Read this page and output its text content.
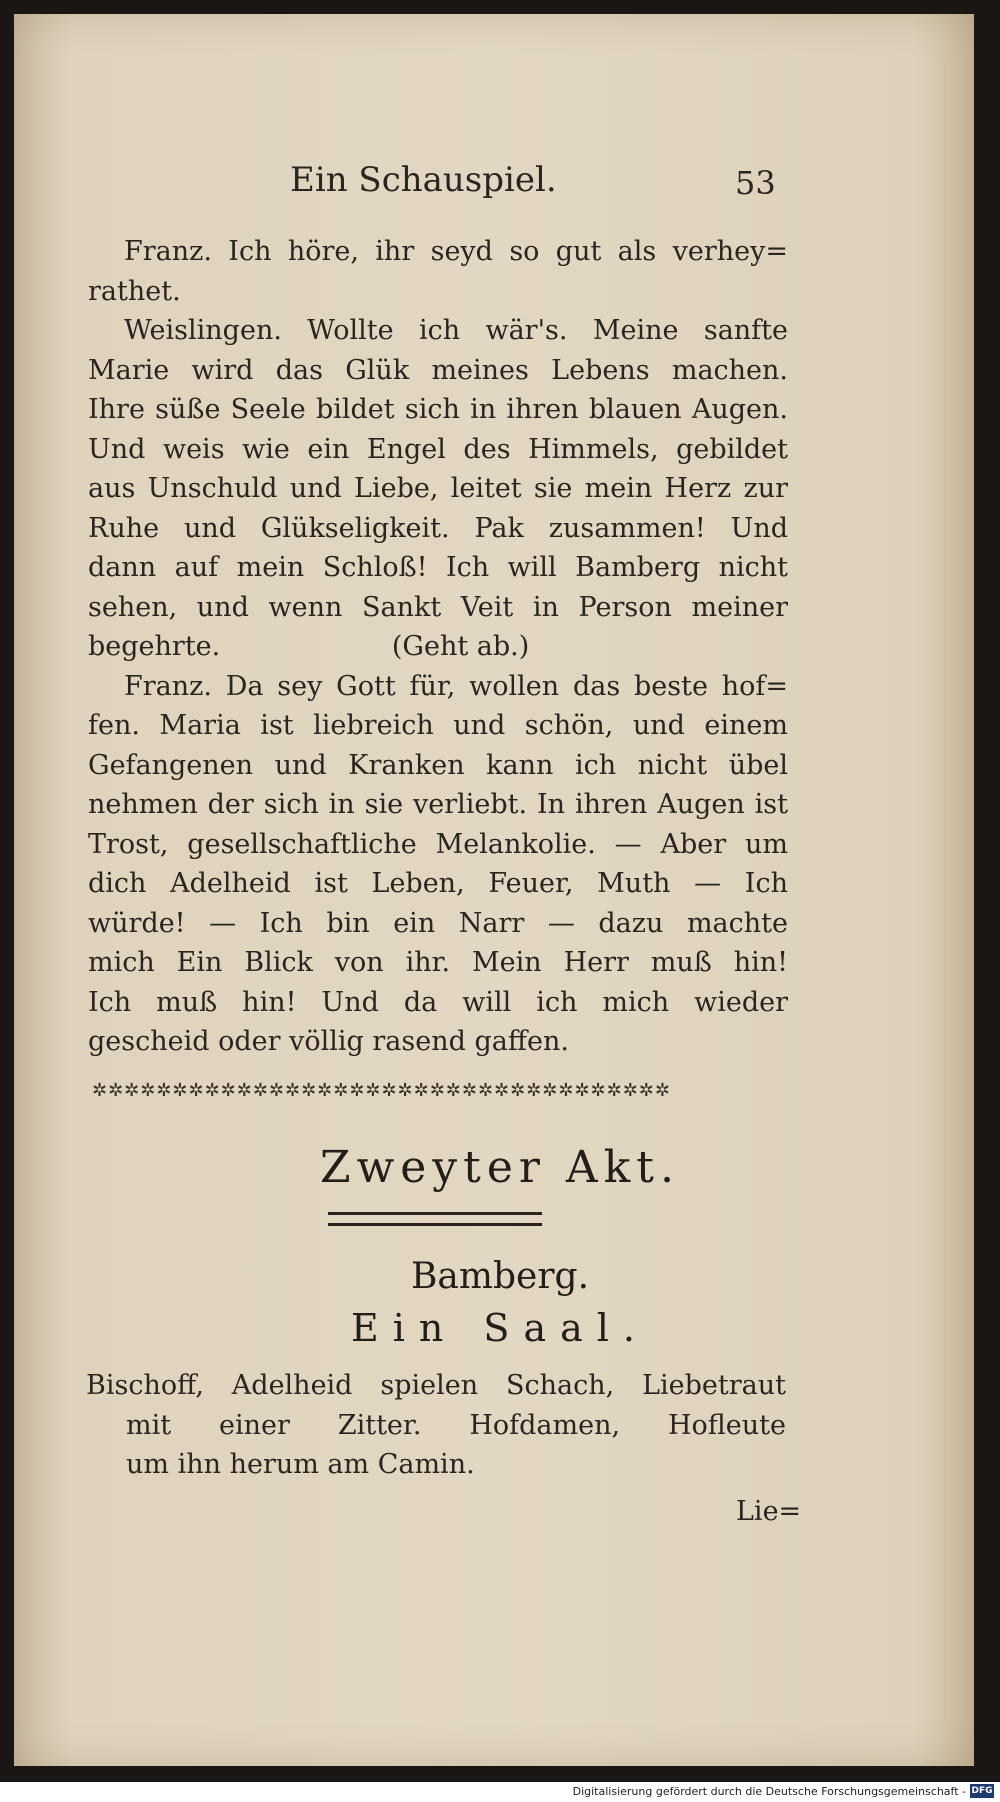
Ein Schauspiel.	53
Franz. Ich höre, ihr seyd so gut als verhey=
rathet.
Weislingen. Wollte ich wär's. Meine sanfte
Marie wird das Glük meines Lebens machen.
Ihre süße Seele bildet sich in ihren blauen Augen.
Und weis wie ein Engel des Himmels, gebildet
aus Unschuld und Liebe, leitet sie mein Herz zur
Ruhe und Glükseligkeit. Pak zusammen! Und
dann auf mein Schloß! Ich will Bamberg nicht
sehen, und wenn Sankt Veit in Person meiner
begehrte.                    (Geht ab.)
Franz. Da sey Gott für, wollen das beste hof=
fen. Maria ist liebreich und schön, und einem
Gefangenen und Kranken kann ich nicht übel
nehmen der sich in sie verliebt. In ihren Augen ist
Trost, gesellschaftliche Melankolie. — Aber um
dich Adelheid ist Leben, Feuer, Muth — Ich
würde! — Ich bin ein Narr — dazu machte
mich Ein Blick von ihr. Mein Herr muß hin!
Ich muß hin! Und da will ich mich wieder
gescheid oder völlig rasend gaffen.
✲✲✲✲✲✲✲✲✲✲✲✲✲✲✲✲✲✲✲✲✲✲✲✲✲✲✲✲✲✲✲✲✲✲✲✲
Zweyter Akt.
Bamberg.
Ein Saal.
Bischoff, Adelheid spielen Schach, Liebetraut
mit einer Zitter. Hofdamen, Hofleute
um ihn herum am Camin.
Lie=
Digitalisierung gefördert durch die Deutsche Forschungsgemeinschaft - DFG
